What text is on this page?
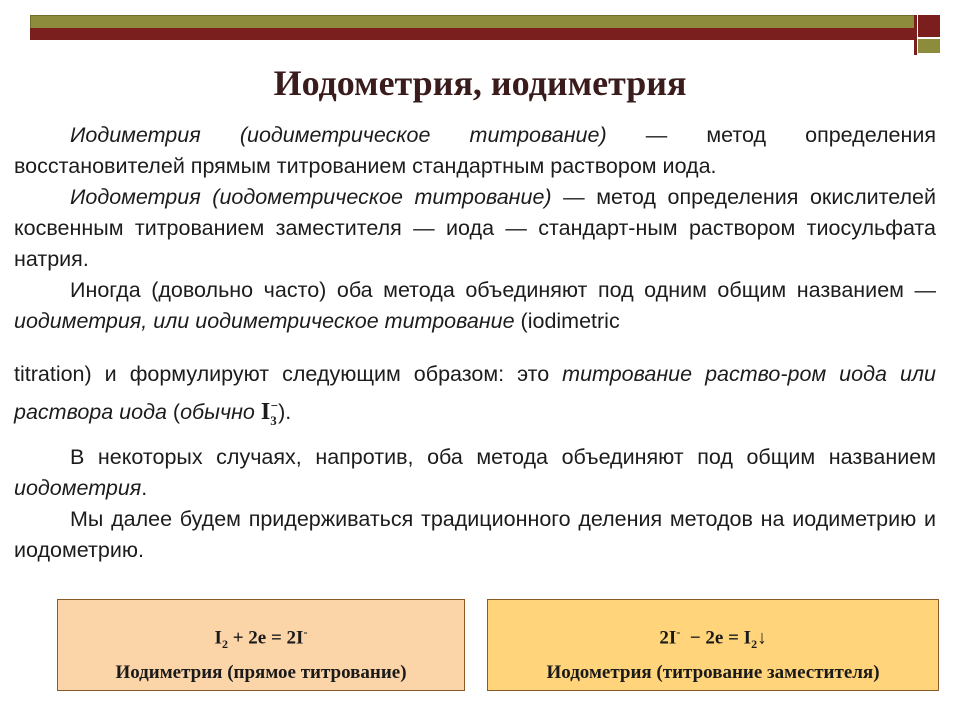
Иодометрия, иодиметрия

Иодиметрия (иодиметрическое титрование) — метод определения восстановителей прямым титрованием стандартным раствором иода.

Иодометрия (иодометрическое титрование) — метод определения окислителей косвенным титрованием заместителя — иода — стандарт-ным раствором тиосульфата натрия.

Иногда (довольно часто) оба метода объединяют под одним общим названием — иодиметрия, или иодиметрическое титрование (iodimetric

titration) и формулируют следующим образом: это титрование раство-ром иода или раствора иода (обычно $I_3^-$).

В некоторых случаях, напротив, оба метода объединяют под общим названием иодометрия.

Мы далее будем придерживаться традиционного деления методов на иодиметрию и иодометрию.

$I_2 + 2e = 2I^-$
Иодиметрия (прямое титрование)
$2I^- - 2e = I_2↓$
Иодометрия (титрование заместителя)
